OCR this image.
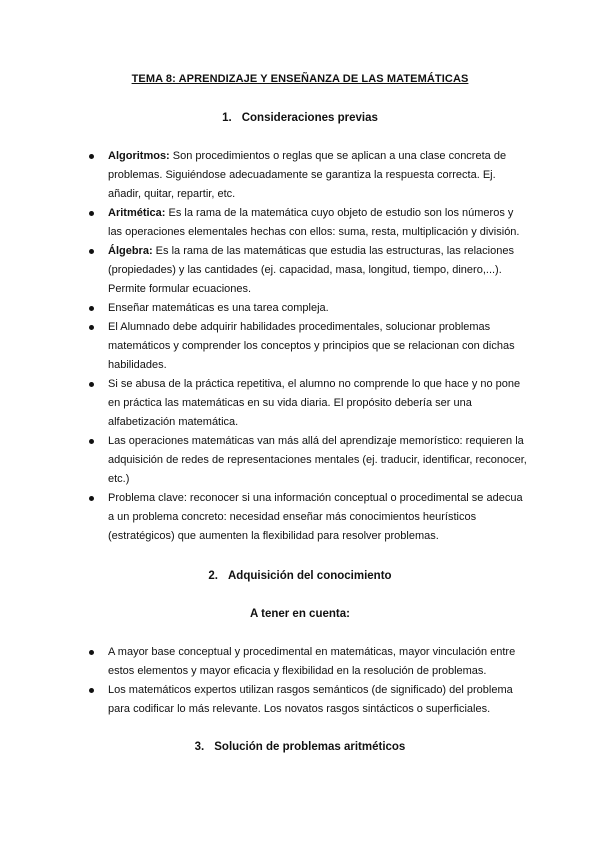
TEMA 8: APRENDIZAJE Y ENSEÑANZA DE LAS MATEMÁTICAS
1. Consideraciones previas
Algoritmos: Son procedimientos o reglas que se aplican a una clase concreta de problemas. Siguiéndose adecuadamente se garantiza la respuesta correcta. Ej. añadir, quitar, repartir, etc.
Aritmética: Es la rama de la matemática cuyo objeto de estudio son los números y las operaciones elementales hechas con ellos: suma, resta, multiplicación y división.
Álgebra: Es la rama de las matemáticas que estudia las estructuras, las relaciones (propiedades) y las cantidades (ej. capacidad, masa, longitud, tiempo, dinero,...). Permite formular ecuaciones.
Enseñar matemáticas es una tarea compleja.
El Alumnado debe adquirir habilidades procedimentales, solucionar problemas matemáticos y comprender los conceptos y principios que se relacionan con dichas habilidades.
Si se abusa de la práctica repetitiva, el alumno no comprende lo que hace y no pone en práctica las matemáticas en su vida diaria. El propósito debería ser una alfabetización matemática.
Las operaciones matemáticas van más allá del aprendizaje memorístico: requieren la adquisición de redes de representaciones mentales (ej. traducir, identificar, reconocer, etc.)
Problema clave: reconocer si una información conceptual o procedimental se adecua a un problema concreto: necesidad enseñar más conocimientos heurísticos (estratégicos) que aumenten la flexibilidad para resolver problemas.
2. Adquisición del conocimiento
A tener en cuenta:
A mayor base conceptual y procedimental en matemáticas, mayor vinculación entre estos elementos y mayor eficacia y flexibilidad en la resolución de problemas.
Los matemáticos expertos utilizan rasgos semánticos (de significado) del problema para codificar lo más relevante. Los novatos rasgos sintácticos o superficiales.
3. Solución de problemas aritméticos
